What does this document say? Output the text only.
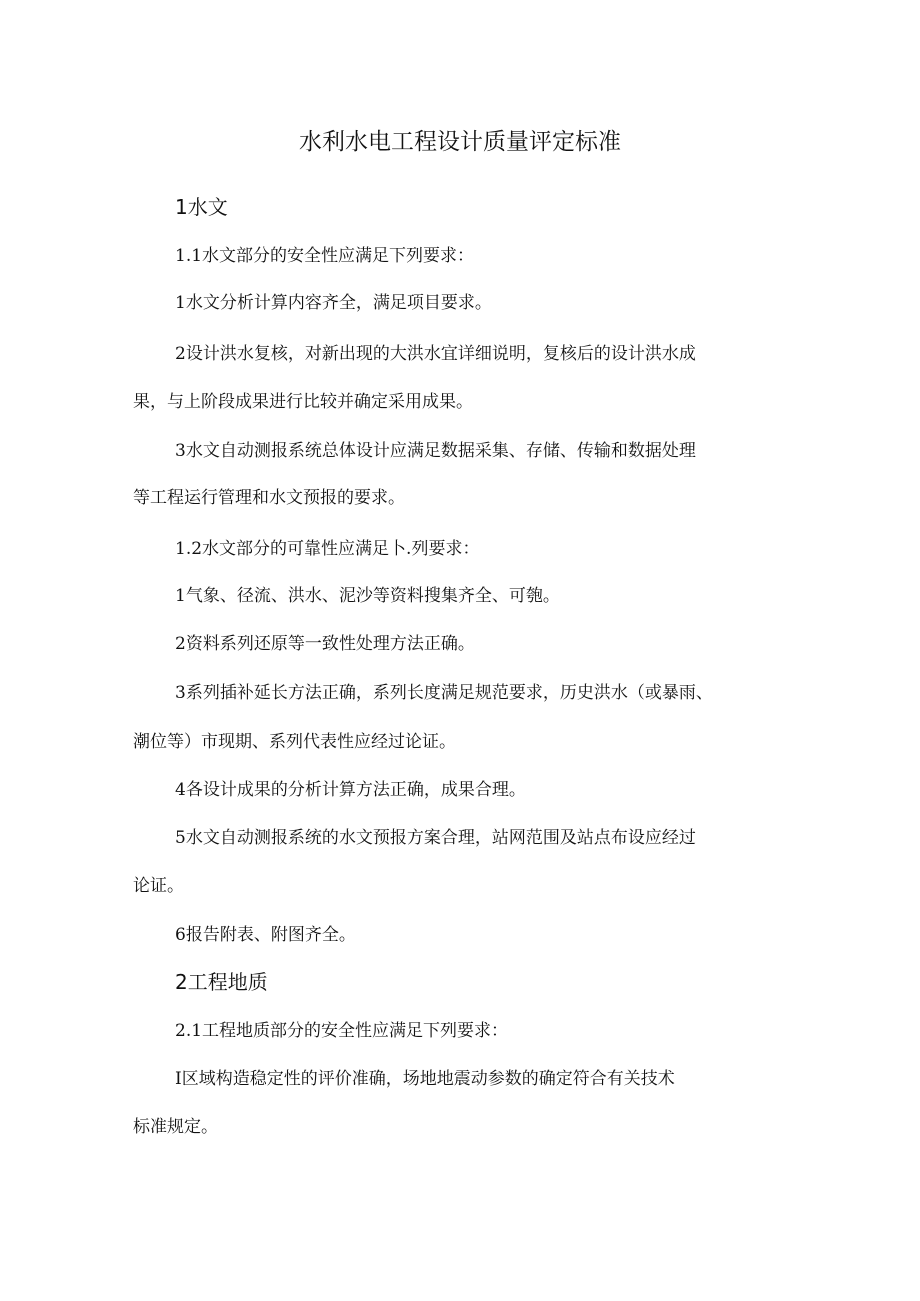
水利水电工程设计质量评定标准
1水文
1.1水文部分的安全性应满足下列要求：
1水文分析计算内容齐全，满足项目要求。
2设计洪水复核，对新出现的大洪水宜详细说明，复核后的设计洪水成
果，与上阶段成果进行比较并确定采用成果。
3水文自动测报系统总体设计应满足数据采集、存储、传输和数据处理
等工程运行管理和水文预报的要求。
1.2水文部分的可靠性应满足卜.列要求：
1气象、径流、洪水、泥沙等资料搜集齐全、可匏。
2资料系列还原等一致性处理方法正确。
3系列插补延长方法正确，系列长度满足规范要求，历史洪水（或暴雨、
潮位等）市现期、系列代表性应经过论证。
4各设计成果的分析计算方法正确，成果合理。
5水文自动测报系统的水文预报方案合理，站网范围及站点布设应经过
论证。
6报告附表、附图齐全。
2工程地质
2.1工程地质部分的安全性应满足下列要求：
I区域构造稳定性的评价准确，场地地震动参数的确定符合有关技术
标准规定。
